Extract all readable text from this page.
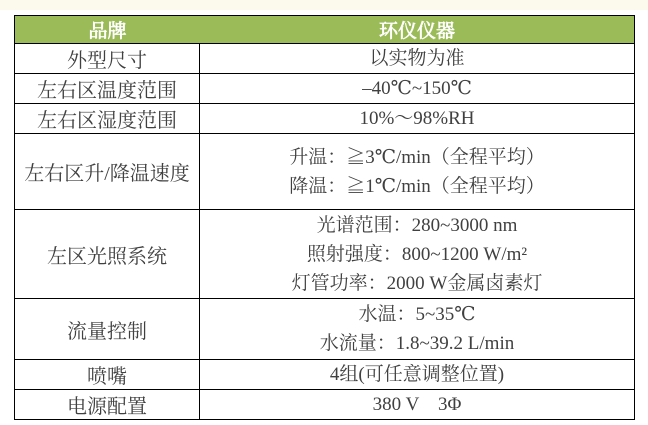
品牌 环仪仪器	

外型尺寸	以实物为准

左右区温度范围	–40℃~150℃

左右区湿度范围	10%～98%RH

左右区升/降温速度	升温：≧3℃/min（全程平均）
降温：≧1℃/min（全程平均）

左区光照系统	光谱范围：280~3000 nm
照射强度：800~1200 W/m²
灯管功率：2000 W金属卤素灯

流量控制	水温：5~35℃
水流量：1.8~39.2 L/min

喷嘴	4组(可任意调整位置)

电源配置	380 V　3Φ
